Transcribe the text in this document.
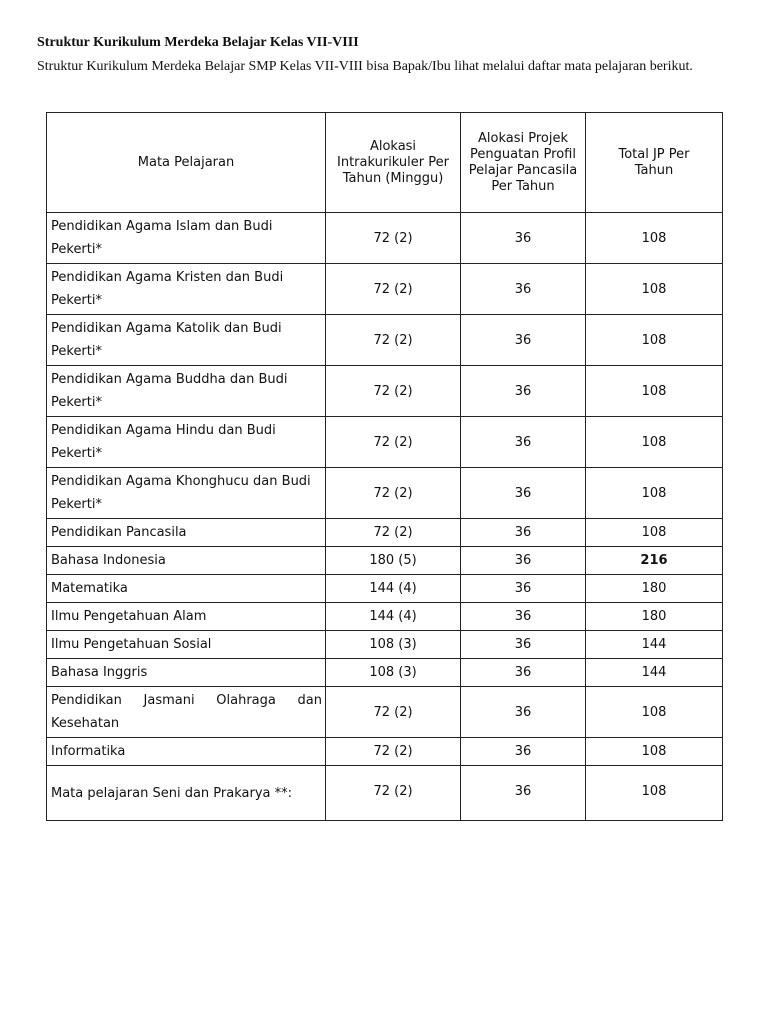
Struktur Kurikulum Merdeka Belajar Kelas VII-VIII
Struktur Kurikulum Merdeka Belajar SMP Kelas VII-VIII bisa Bapak/Ibu lihat melalui daftar mata pelajaran berikut.
Mata Pelajaran	Alokasi Intrakurikuler Per Tahun (Minggu)	Alokasi Projek Penguatan Profil Pelajar Pancasila Per Tahun	Total JP Per Tahun
Pendidikan Agama Islam dan Budi Pekerti*	72 (2)	36	108
Pendidikan Agama Kristen dan Budi Pekerti*	72 (2)	36	108
Pendidikan Agama Katolik dan Budi Pekerti*	72 (2)	36	108
Pendidikan Agama Buddha dan Budi Pekerti*	72 (2)	36	108
Pendidikan Agama Hindu dan Budi Pekerti*	72 (2)	36	108
Pendidikan Agama Khonghucu dan Budi Pekerti*	72 (2)	36	108
Pendidikan Pancasila	72 (2)	36	108
Bahasa Indonesia	180 (5)	36	216
Matematika	144 (4)	36	180
Ilmu Pengetahuan Alam	144 (4)	36	180
Ilmu Pengetahuan Sosial	108 (3)	36	144
Bahasa Inggris	108 (3)	36	144
Pendidikan Jasmani Olahraga dan Kesehatan	72 (2)	36	108
Informatika	72 (2)	36	108
Mata pelajaran Seni dan Prakarya **:	72 (2)	36	108
